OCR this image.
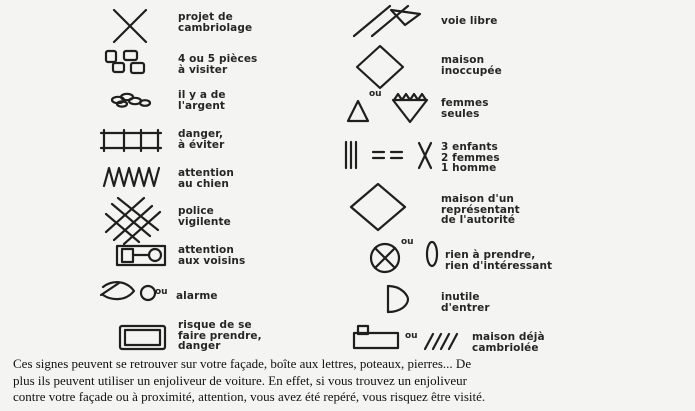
projet de
cambriolage
4 ou 5 pièces
à visiter
il y a de
l'argent
danger,
à éviter
attention
au chien
police
vigilente
attention
aux voisins
alarme
risque de se
faire prendre,
danger
ou
voie libre
maison
inoccupée
femmes
seules
3 enfants
2 femmes
1 homme
maison d'un
représentant
de l'autorité
rien à prendre,
rien d'intéressant
inutile
d'entrer
maison déjà
cambriolée
ou
ou
ou
Ces signes peuvent se retrouver sur votre façade, boîte aux lettres, poteaux, pierres... De
plus ils peuvent utiliser un enjoliveur de voiture. En effet, si vous trouvez un enjoliveur
contre votre façade ou à proximité, attention, vous avez été repéré, vous risquez être visité.
